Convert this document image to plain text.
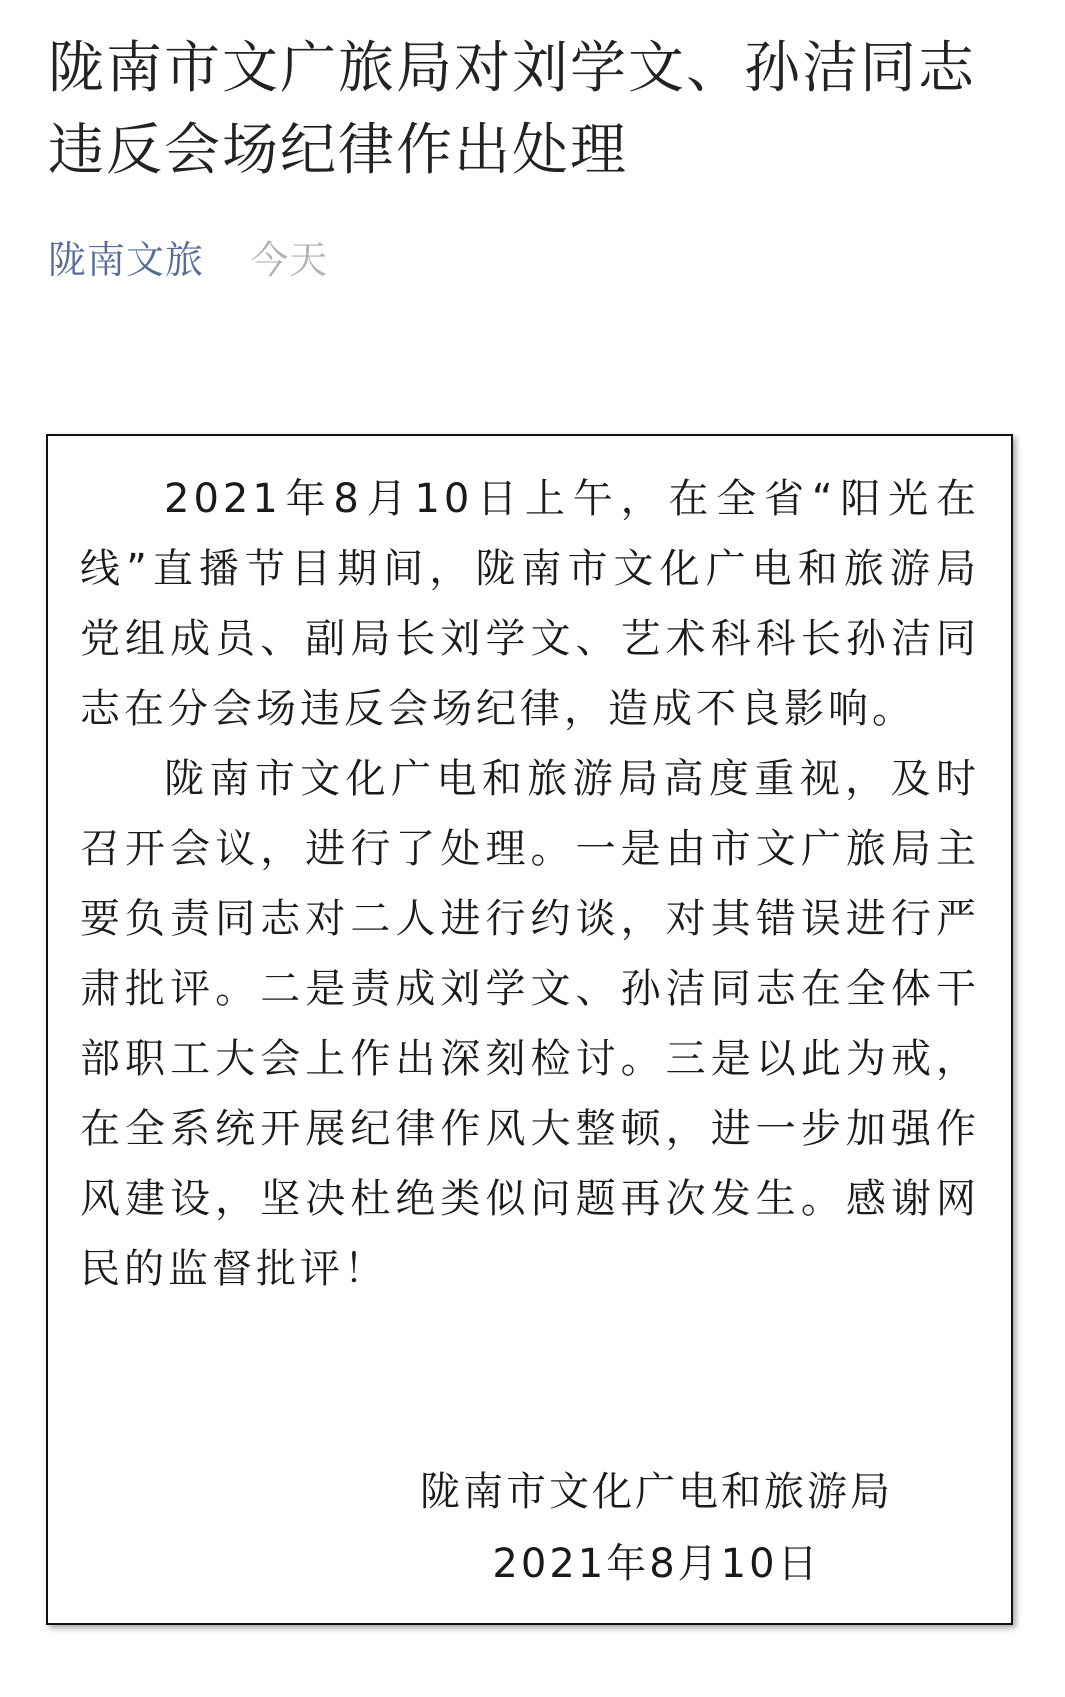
陇南市文广旅局对刘学文、孙洁同志 违反会场纪律作出处理
陇南文旅 今天

2021年8月10日上午，在全省“阳光在线”直播节目期间，陇南市文化广电和旅游局党组成员、副局长刘学文、艺术科科长孙洁同志在分会场违反会场纪律，造成不良影响。

陇南市文化广电和旅游局高度重视，及时召开会议，进行了处理。一是由市文广旅局主要负责同志对二人进行约谈，对其错误进行严肃批评。二是责成刘学文、孙洁同志在全体干部职工大会上作出深刻检讨。三是以此为戒，在全系统开展纪律作风大整顿，进一步加强作风建设，坚决杜绝类似问题再次发生。感谢网民的监督批评！

陇南市文化广电和旅游局
2021年8月10日
